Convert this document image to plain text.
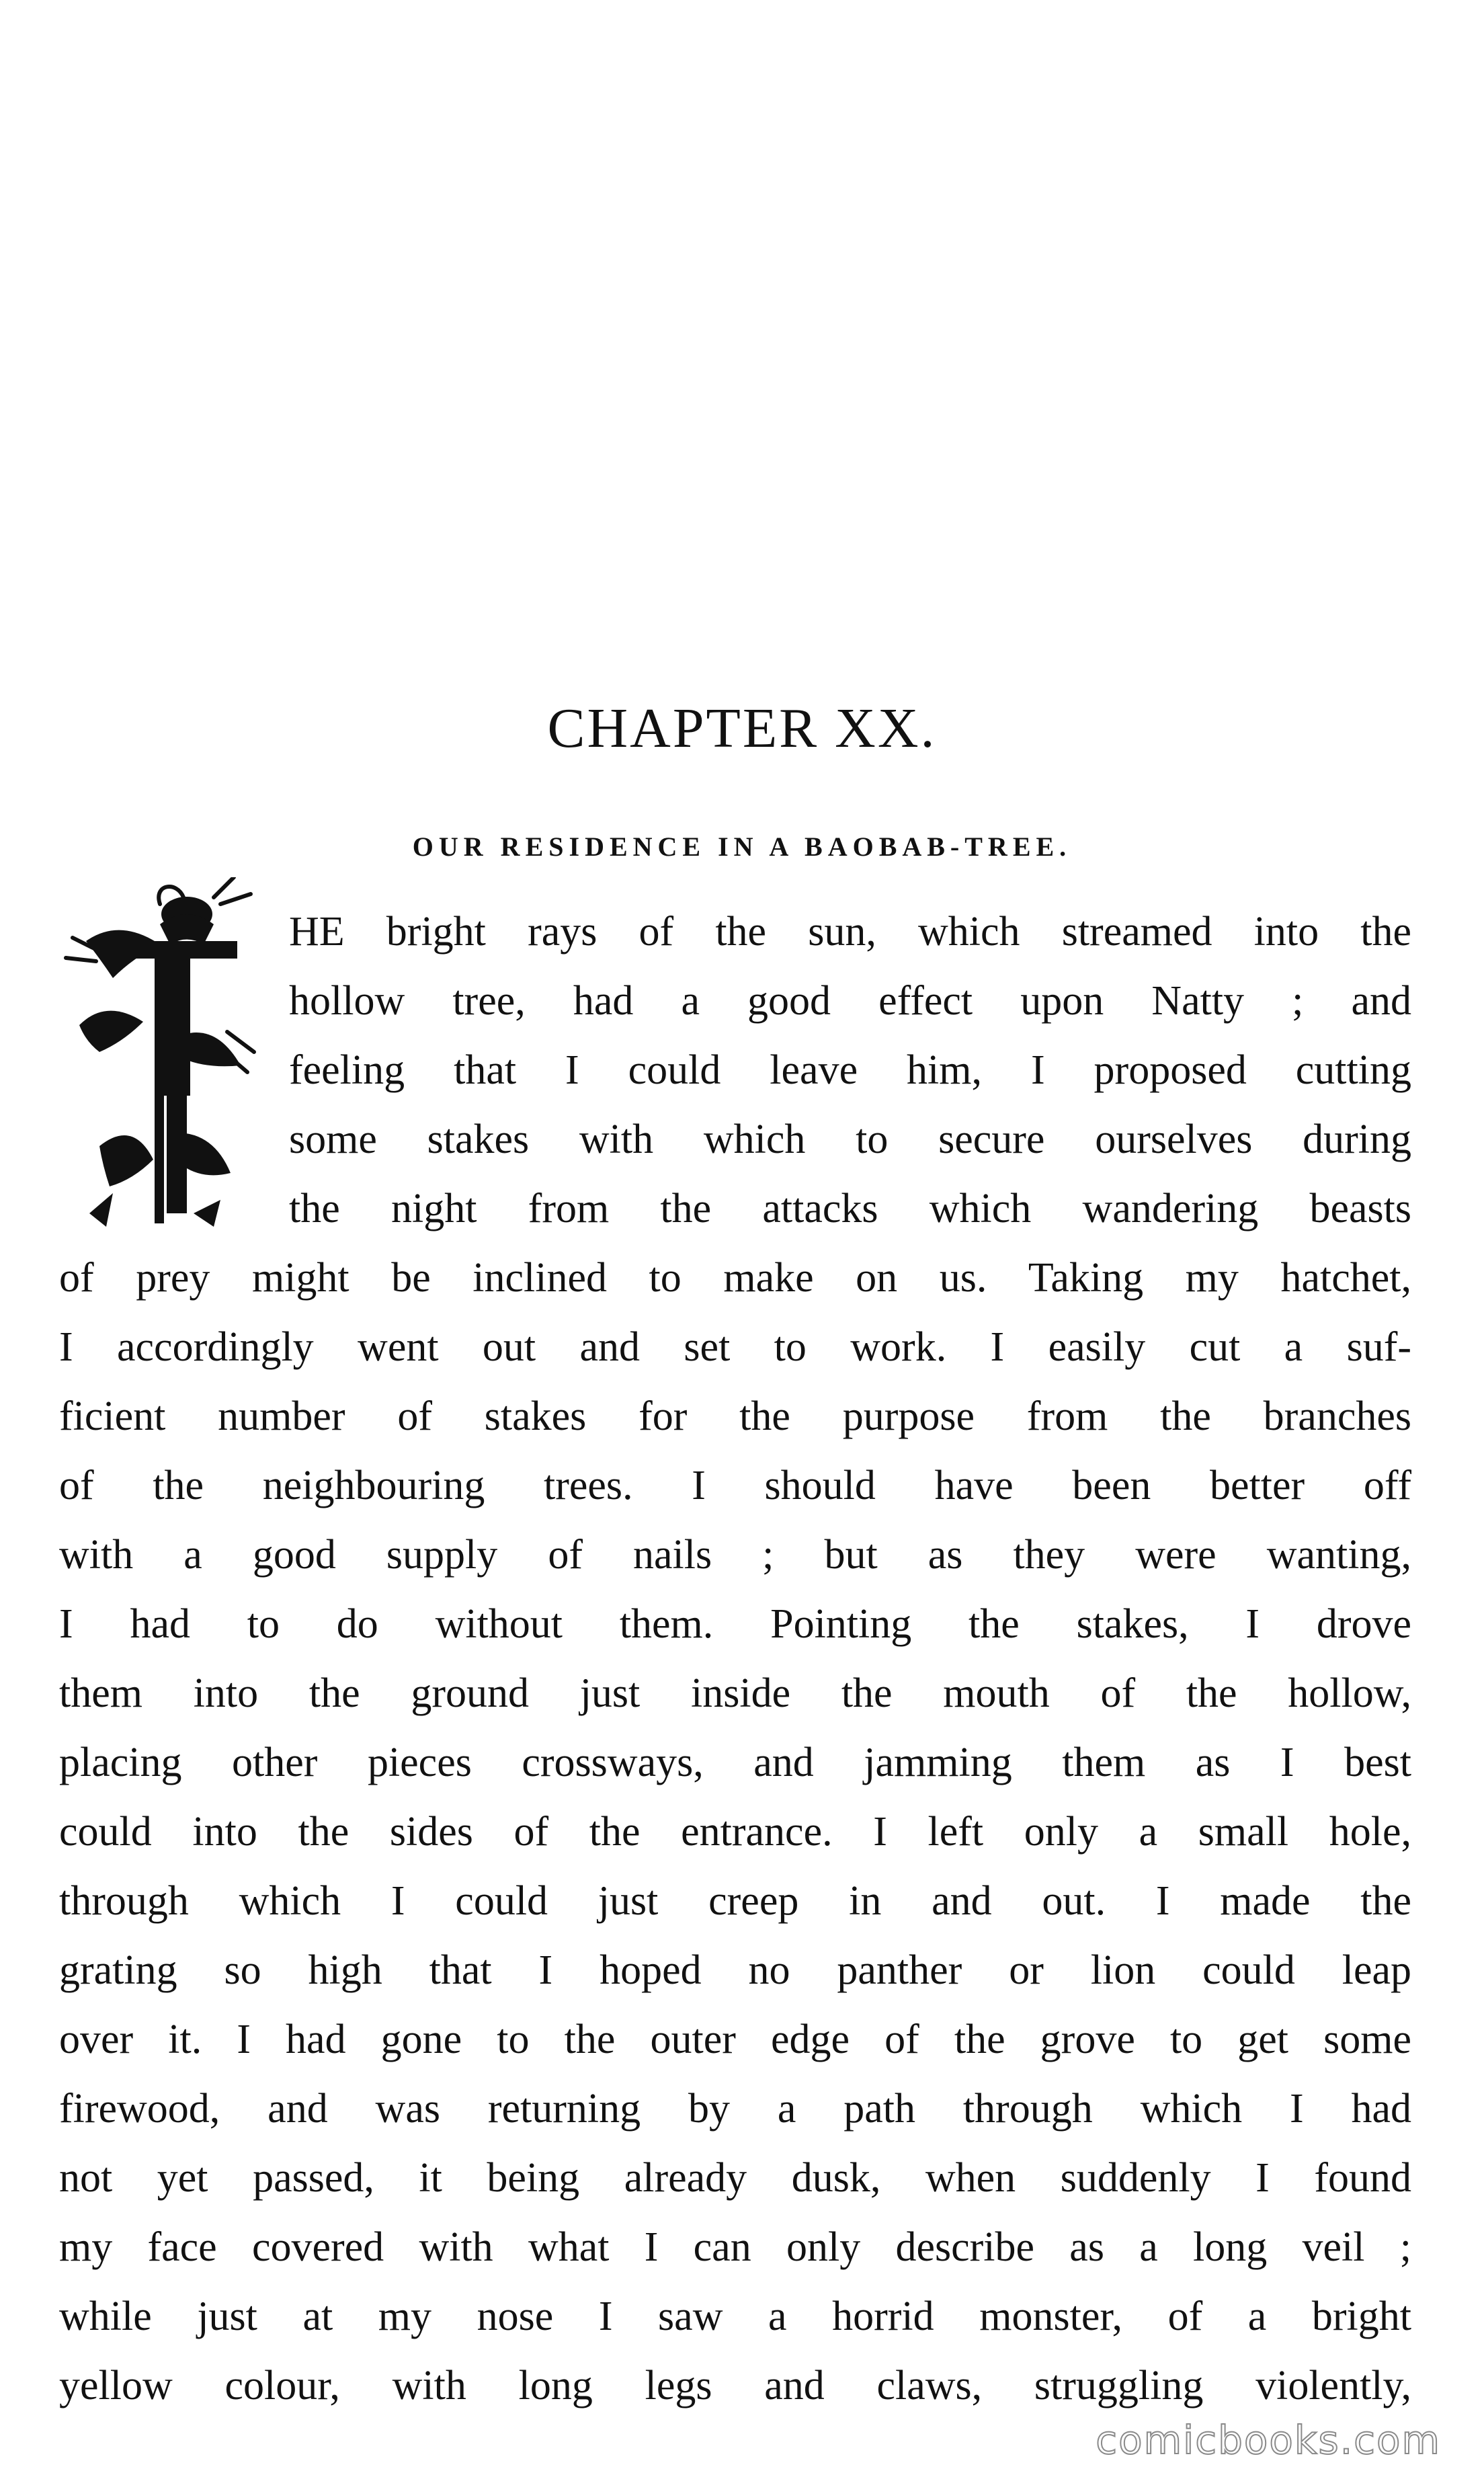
CHAPTER XX.
OUR RESIDENCE IN A BAOBAB-TREE.
HE bright rays of the sun, which streamed into the
hollow tree, had a good effect upon Natty ; and
feeling that I could leave him, I proposed cutting
some stakes with which to secure ourselves during
the night from the attacks which wandering beasts
of prey might be inclined to make on us. Taking my hatchet,
I accordingly went out and set to work. I easily cut a suf-
ficient number of stakes for the purpose from the branches
of the neighbouring trees. I should have been better off
with a good supply of nails ; but as they were wanting,
I had to do without them. Pointing the stakes, I drove
them into the ground just inside the mouth of the hollow,
placing other pieces crossways, and jamming them as I best
could into the sides of the entrance. I left only a small hole,
through which I could just creep in and out. I made the
grating so high that I hoped no panther or lion could leap
over it. I had gone to the outer edge of the grove to get some
firewood, and was returning by a path through which I had
not yet passed, it being already dusk, when suddenly I found
my face covered with what I can only describe as a long veil ;
while just at my nose I saw a horrid monster, of a bright
yellow colour, with long legs and claws, struggling violently,
comicbooks.com
